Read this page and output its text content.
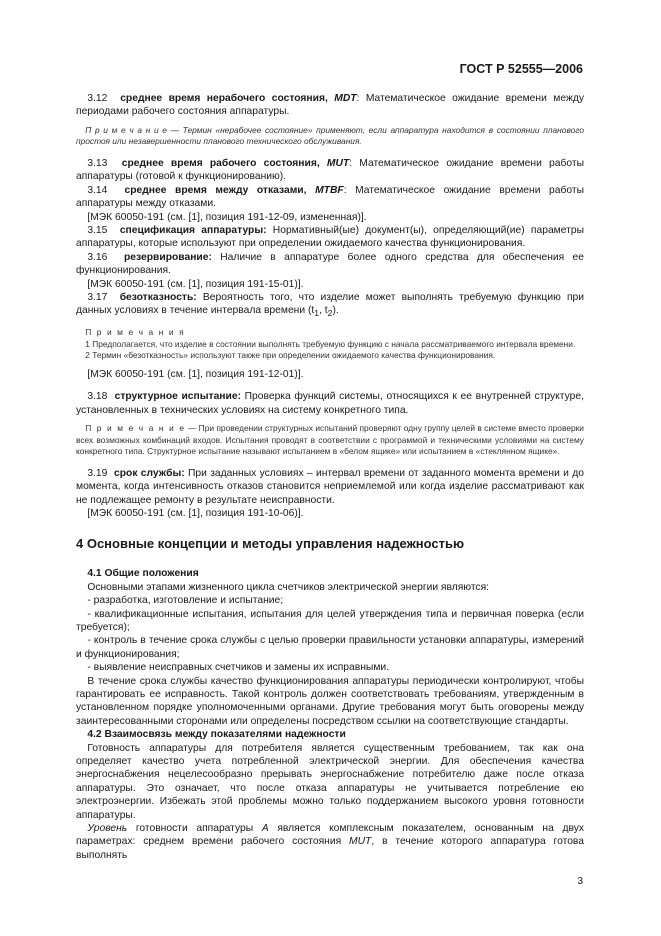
ГОСТ Р 52555—2006

3.12 среднее время нерабочего состояния, MDT: Математическое ожидание времени между периодами рабочего состояния аппаратуры.

П р и м е ч а н и е — Термин «нерабочее состояние» применяют, если аппаратура находится в состоянии планового простоя или незавершенности планового технического обслуживания.

3.13 среднее время рабочего состояния, MUT: Математическое ожидание времени работы аппаратуры (готовой к функционированию).

3.14 среднее время между отказами, MTBF: Математическое ожидание времени работы аппаратуры между отказами.

[МЭК 60050-191 (см. [1], позиция 191-12-09, измененная)].

3.15 спецификация аппаратуры: Нормативный(ые) документ(ы), определяющий(ие) параметры аппаратуры, которые используют при определении ожидаемого качества функционирования.

3.16 резервирование: Наличие в аппаратуре более одного средства для обеспечения ее функционирования.

[МЭК 60050-191 (см. [1], позиция 191-15-01)].

3.17 безотказность: Вероятность того, что изделие может выполнять требуемую функцию при данных условиях в течение интервала времени ($t_1$, $t_2$).

П р и м е ч а н и я

1 Предполагается, что изделие в состоянии выполнять требуемую функцию с начала рассматриваемого интервала времени.

2 Термин «безотказность» используют также при определении ожидаемого качества функционирования.

[МЭК 60050-191 (см. [1], позиция 191-12-01)].

3.18 структурное испытание: Проверка функций системы, относящихся к ее внутренней структуре, установленных в технических условиях на систему конкретного типа.

П р и м е ч а н и е — При проведении структурных испытаний проверяют одну группу целей в системе вместо проверки всех возможных комбинаций входов. Испытания проводят в соответствии с программой и техническими условиями на систему конкретного типа. Структурное испытание называют испытанием в «белом ящике» или испытанием в «стеклянном ящике».

3.19 срок службы: При заданных условиях – интервал времени от заданного момента времени и до момента, когда интенсивность отказов становится неприемлемой или когда изделие рассматривают как не подлежащее ремонту в результате неисправности.

[МЭК 60050-191 (см. [1], позиция 191-10-06)].

4 Основные концепции и методы управления надежностью

4.1 Общие положения

Основными этапами жизненного цикла счетчиков электрической энергии являются:

- разработка, изготовление и испытание;

- квалификационные испытания, испытания для целей утверждения типа и первичная поверка (если требуется);

- контроль в течение срока службы с целью проверки правильности установки аппаратуры, измерений и функционирования;

- выявление неисправных счетчиков и замены их исправными.

В течение срока службы качество функционирования аппаратуры периодически контролируют, чтобы гарантировать ее исправность. Такой контроль должен соответствовать требованиям, утвержденным в установленном порядке уполномоченными органами. Другие требования могут быть оговорены между заинтересованными сторонами или определены посредством ссылки на соответствующие стандарты.

4.2 Взаимосвязь между показателями надежности

Готовность аппаратуры для потребителя является существенным требованием, так как она определяет качество учета потребленной электрической энергии. Для обеспечения качества энергоснабжения нецелесообразно прерывать энергоснабжение потребителю даже после отказа аппаратуры. Это означает, что после отказа аппаратуры не учитывается потребление ею электроэнергии. Избежать этой проблемы можно только поддержанием высокого уровня готовности аппаратуры.

Уровень готовности аппаратуры A является комплексным показателем, основанным на двух параметрах: среднем времени рабочего состояния MUT, в течение которого аппаратура готова выполнять

3
